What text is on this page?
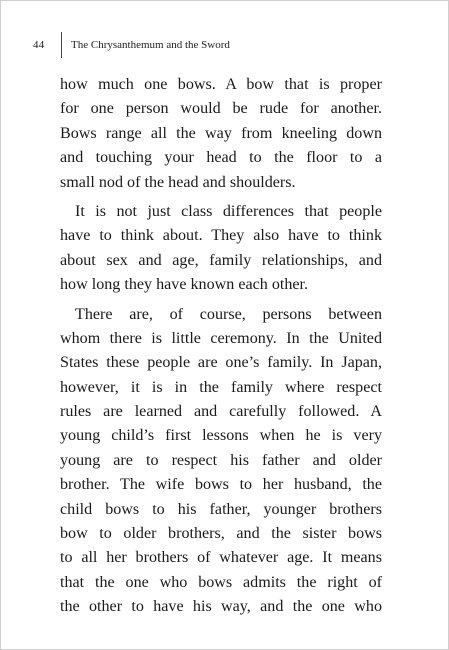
44	The Chrysanthemum and the Sword
how much one bows. A bow that is proper
for one person would be rude for another.
Bows range all the way from kneeling down
and touching your head to the floor to a
small nod of the head and shoulders.
It is not just class differences that people
have to think about. They also have to think
about sex and age, family relationships, and
how long they have known each other.
There are, of course, persons between
whom there is little ceremony. In the United
States these people are one’s family. In Japan,
however, it is in the family where respect
rules are learned and carefully followed. A
young child’s first lessons when he is very
young are to respect his father and older
brother. The wife bows to her husband, the
child bows to his father, younger brothers
bow to older brothers, and the sister bows
to all her brothers of whatever age. It means
that the one who bows admits the right of
the other to have his way, and the one who
